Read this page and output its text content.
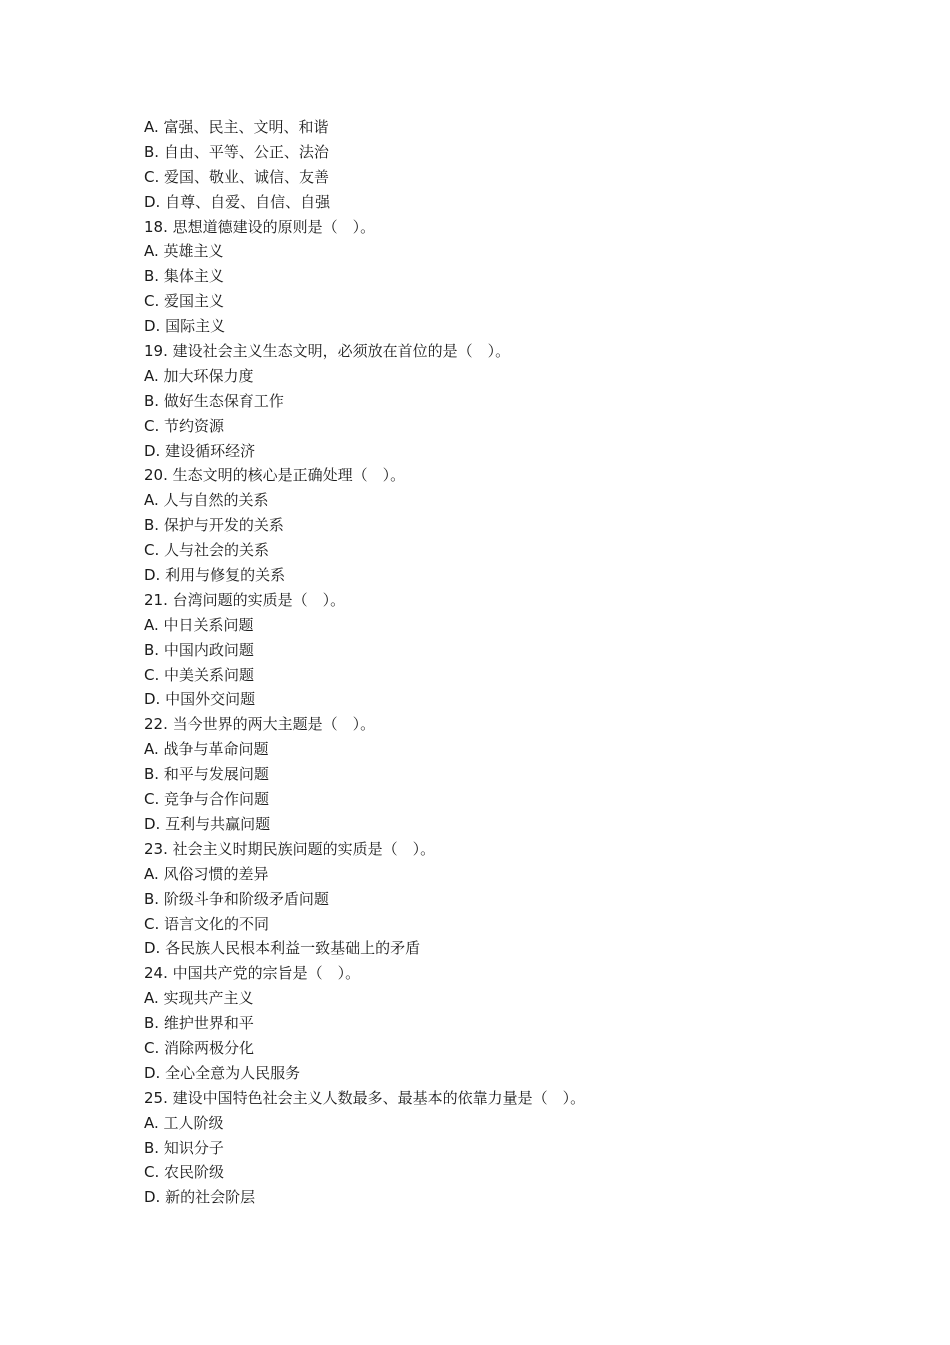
A. 富强、民主、文明、和谐
B. 自由、平等、公正、法治
C. 爱国、敬业、诚信、友善
D. 自尊、自爱、自信、自强
18. 思想道德建设的原则是（　）。
A. 英雄主义
B. 集体主义
C. 爱国主义
D. 国际主义
19. 建设社会主义生态文明，必须放在首位的是（　）。
A. 加大环保力度
B. 做好生态保育工作
C. 节约资源
D. 建设循环经济
20. 生态文明的核心是正确处理（　）。
A. 人与自然的关系
B. 保护与开发的关系
C. 人与社会的关系
D. 利用与修复的关系
21. 台湾问题的实质是（　）。
A. 中日关系问题
B. 中国内政问题
C. 中美关系问题
D. 中国外交问题
22. 当今世界的两大主题是（　）。
A. 战争与革命问题
B. 和平与发展问题
C. 竞争与合作问题
D. 互利与共赢问题
23. 社会主义时期民族问题的实质是（　）。
A. 风俗习惯的差异
B. 阶级斗争和阶级矛盾问题
C. 语言文化的不同
D. 各民族人民根本利益一致基础上的矛盾
24. 中国共产党的宗旨是（　）。
A. 实现共产主义
B. 维护世界和平
C. 消除两极分化
D. 全心全意为人民服务
25. 建设中国特色社会主义人数最多、最基本的依靠力量是（　）。
A. 工人阶级
B. 知识分子
C. 农民阶级
D. 新的社会阶层
